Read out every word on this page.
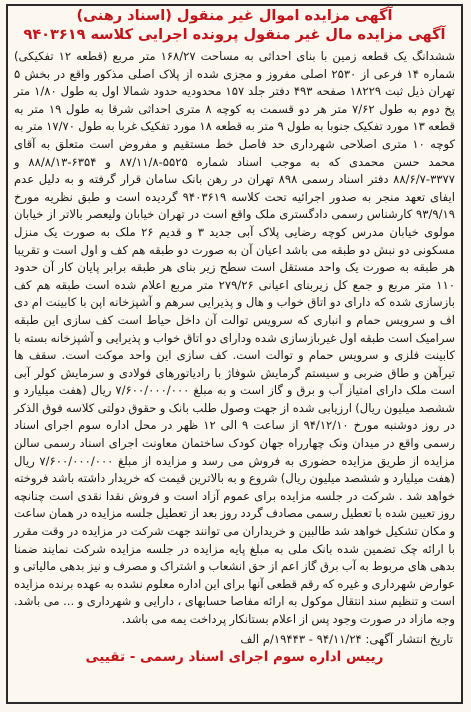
آگهی مزایده اموال غیر منقول (اسناد رهنی)
آگهی مزایده مال غیر منقول پرونده اجرایی کلاسه ۹۴۰۳۶۱۹
ششدانگ یک قطعه زمین با بنای احداثی به مساحت ۱۶۸/۲۷ متر مربع (قطعه ۱۲ تفکیکی) شماره ۱۴ فرعی از ۲۵۳۰ اصلی مفروز و مجزی شده از پلاک اصلی مذکور واقع در بخش ۵ تهران ذیل ثبت ۱۸۲۲۹ صفحه ۴۹۳ دفتر جلد ۱۵۷ محدودیه حدود شمالا اول به طول ۱/۸۰ متر پخ دوم به طول ۷/۶۲ متر هر دو قسمت به کوچه ۸ متری احداثی شرقا به طول ۱۹ متر به قطعه ۱۳ مورد تفکیک جنوبا به طول ۹ متر به قطعه ۱۸ مورد تفکیک غربا به طول ۱۷/۷۰ متر به کوچه ۱۰ متری اصلاحی شهرداری حد فاصل خط مستقیم و مفروض است متعلق به آقای محمد حسن محمدی که به موجب اسناد شماره ۵۵۲۵-۸۷/۱۱/۸ و ۶۳۵۴-۸۸/۸/۱۳ و ۳۳۷۷-۸۸/۶/۷ دفتر اسناد رسمی ۸۹۸ تهران در رهن بانک سامان قرار گرفته و به دلیل عدم ایفای تعهد منجر به صدور اجرائیه تحت کلاسه ۹۴۰۳۶۱۹ گردیده است و طبق نظریه مورخ ۹۳/۹/۱۹ کارشناس رسمی دادگستری ملک واقع است در تهران خیابان ولیعصر بالاتر از خیابان مولوی خیابان مدرس کوچه رضایی پلاک آبی جدید ۳ و قدیم ۲۶ ملک به صورت یک منزل مسکونی دو نبش دو طبقه می باشد اعیان آن به صورت دو طبقه هم کف و اول است و تقریبا هر طبقه به صورت یک واحد مستقل است سطح زیر بنای هر طبقه برابر پایان کار آن حدود ۱۱۰ متر مربع و جمع کل زیربنای اعیانی ۲۷۹/۲۶ متر مربع اعلام شده است طبقه هم کف بازسازی شده که دارای دو اتاق خواب و هال و پذیرایی سرهم و آشپزخانه اپن با کابینت ام دی اف و سرویس حمام و انباری که سرویس توالت آن داخل حیاط است کف سازی این طبقه سرامیک است طبقه اول غیربازسازی شده ودارای دو اتاق خواب و پذیرایی و آشپزخانه بسته با کابینت فلزی و سرویس حمام و توالت است. کف سازی این واحد موکت است. سقف ها تیرآهن و طاق ضربی و سیستم گرمایش شوفاژ با رادیاتورهای فولادی و سرمایش کولر آبی است ملک دارای امتیاز آب و برق و گاز است و به مبلغ ۷/۶۰۰/۰۰۰/۰۰۰ ریال (هفت میلیارد و ششصد میلیون ریال) ارزیابی شده از جهت وصول طلب بانک و حقوق دولتی کلاسه فوق الذکر در روز دوشنبه مورخ ۹۴/۱۲/۱۰ از ساعت ۹ الی ۱۲ ظهر در محل اداره سوم اجرای اسناد رسمی واقع در میدان ونک چهارراه جهان کودک ساختمان معاونت اجرای اسناد رسمی سالن مزایده از طریق مزایده حضوری به فروش می رسد و مزایده از مبلغ ۷/۶۰۰/۰۰۰/۰۰۰ ریال (هفت میلیارد و ششصد میلیون ریال) شروع و به بالاترین قیمت که خریدار داشته باشد فروخته خواهد شد . شرکت در جلسه مزایده برای عموم آزاد است و فروش نقدا نقدی است چنانچه روز تعیین شده با تعطیل رسمی مصادف گردد روز بعد از تعطیل جلسه مزایده در همان ساعت و مکان تشکیل خواهد شد طالبین و خریداران می توانند جهت شرکت در مزایده در وقت مقرر با ارائه چک تضمین شده بانک ملی به مبلغ پایه مزایده در جلسه مزایده شرکت نمایند ضمنا بدهی های مربوط به آب برق گاز اعم از حق انشعاب و اشتراک و مصرف و نیز بدهی مالیاتی و عوارض شهرداری و غیره که رقم قطعی آنها برای این اداره معلوم نشده به عهده برنده مزایده است و تنظیم سند انتقال موکول به ارائه مفاصا حسابهای ، دارایی و شهرداری و ... می باشد. وجه مازاد در صورت وجود پس از اعلام بستانکار پرداخت یمه می باشد.
تاریخ انتشار آگهی: ۹۴/۱۱/۲۴ - ۱۹۴۴۳/م الف
رییس اداره سوم اجرای اسناد رسمی - تقییی
